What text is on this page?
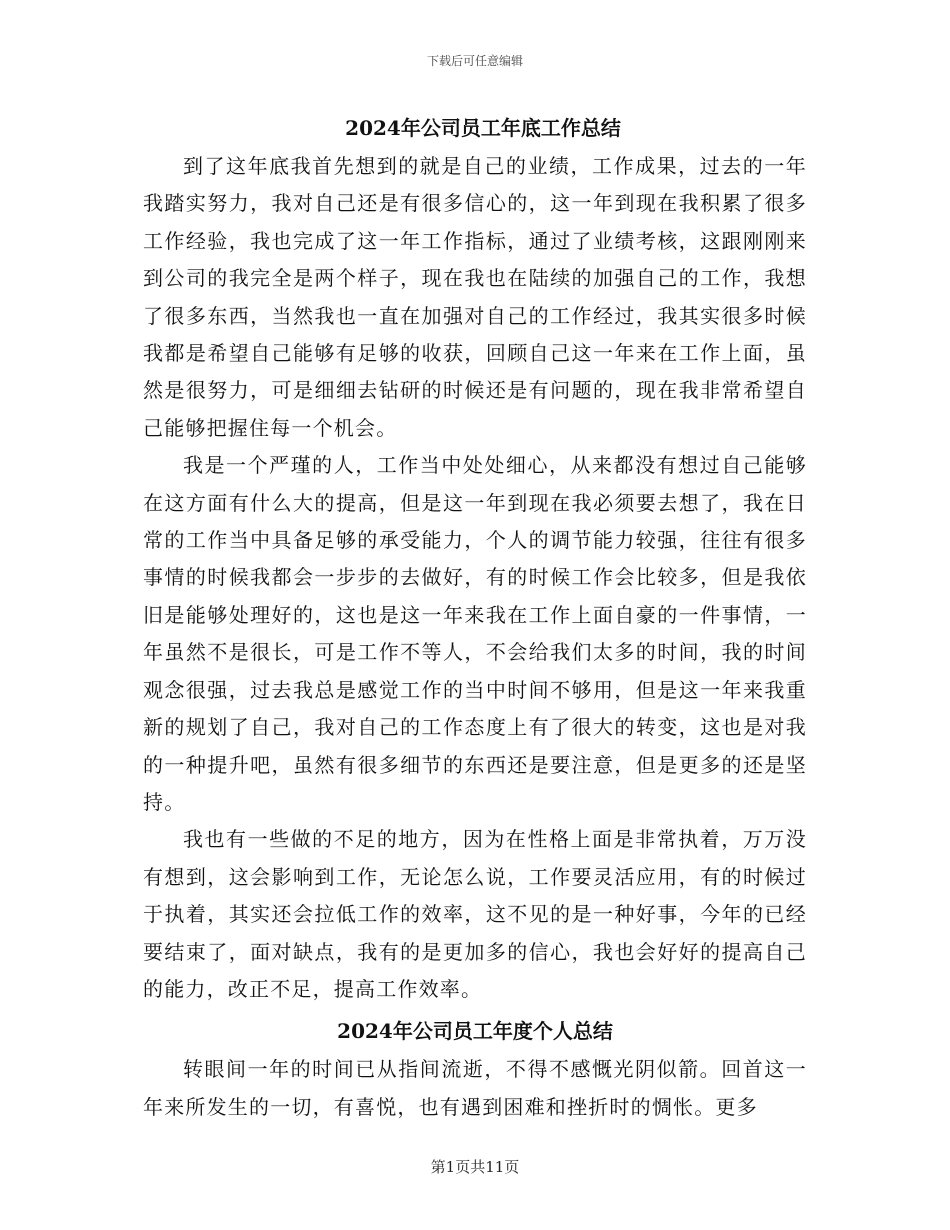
下载后可任意编辑
2024年公司员工年底工作总结

到了这年底我首先想到的就是自己的业绩，工作成果，过去的一年我踏实努力，我对自己还是有很多信心的，这一年到现在我积累了很多工作经验，我也完成了这一年工作指标，通过了业绩考核，这跟刚刚来到公司的我完全是两个样子，现在我也在陆续的加强自己的工作，我想了很多东西，当然我也一直在加强对自己的工作经过，我其实很多时候我都是希望自己能够有足够的收获，回顾自己这一年来在工作上面，虽然是很努力，可是细细去钻研的时候还是有问题的，现在我非常希望自己能够把握住每一个机会。

我是一个严瑾的人，工作当中处处细心，从来都没有想过自己能够在这方面有什么大的提高，但是这一年到现在我必须要去想了，我在日常的工作当中具备足够的承受能力，个人的调节能力较强，往往有很多事情的时候我都会一步步的去做好，有的时候工作会比较多，但是我依旧是能够处理好的，这也是这一年来我在工作上面自豪的一件事情，一年虽然不是很长，可是工作不等人，不会给我们太多的时间，我的时间观念很强，过去我总是感觉工作的当中时间不够用，但是这一年来我重新的规划了自己，我对自己的工作态度上有了很大的转变，这也是对我的一种提升吧，虽然有很多细节的东西还是要注意，但是更多的还是坚持。

我也有一些做的不足的地方，因为在性格上面是非常执着，万万没有想到，这会影响到工作，无论怎么说，工作要灵活应用，有的时候过于执着，其实还会拉低工作的效率，这不见的是一种好事，今年的已经要结束了，面对缺点，我有的是更加多的信心，我也会好好的提高自己的能力，改正不足，提高工作效率。

2024年公司员工年度个人总结

转眼间一年的时间已从指间流逝，不得不感慨光阴似箭。回首这一年来所发生的一切，有喜悦，也有遇到困难和挫折时的惆怅。更多

第1页共11页
